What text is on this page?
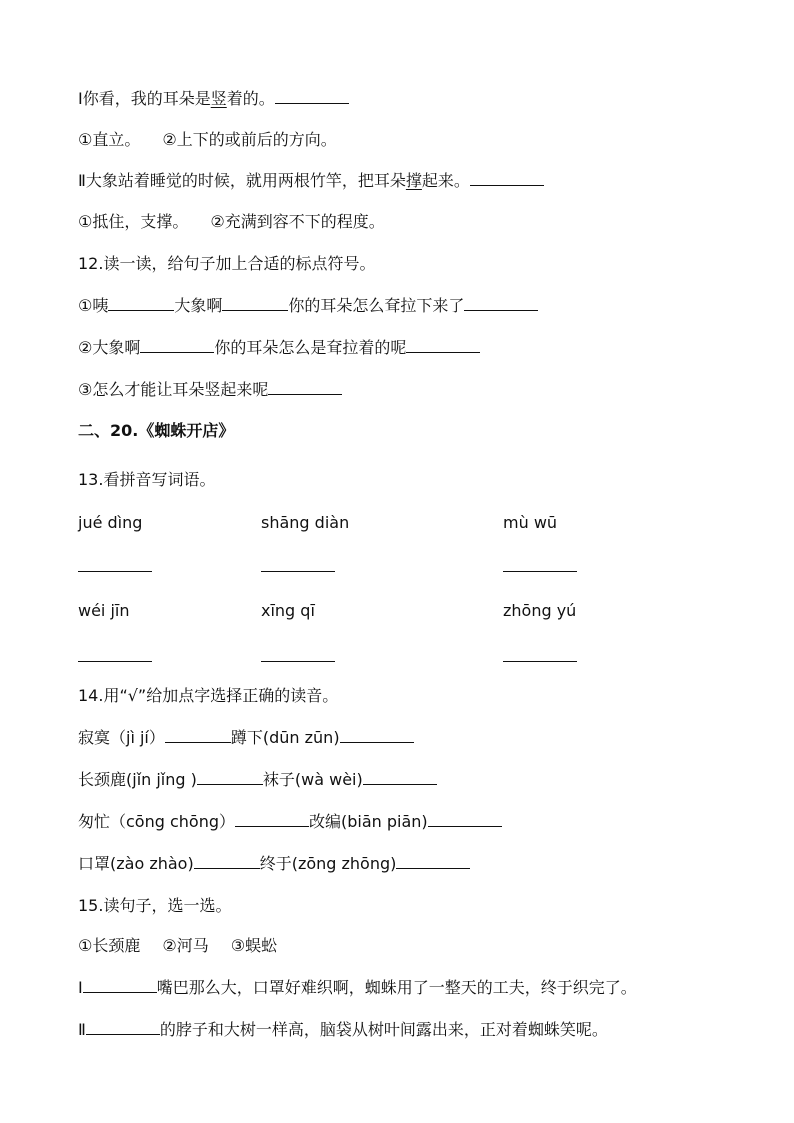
Ⅰ你看，我的耳朵是竖着的。
①直立。 ②上下的或前后的方向。
Ⅱ大象站着睡觉的时候，就用两根竹竿，把耳朵撑起来。
①抵住，支撑。 ②充满到容不下的程度。
12.读一读，给句子加上合适的标点符号。
①咦	大象啊	你的耳朵怎么耷拉下来了
②大象啊	你的耳朵怎么是耷拉着的呢
③怎么才能让耳朵竖起来呢
二、20.《蜘蛛开店》
13.看拼音写词语。
jué dìng	shāng diàn	mù wū
wéi jīn	xīng qī	zhōng yú
14.用“√”给加点字选择正确的读音。
寂寞（jì jí）	蹲下(dūn zūn)
长颈鹿(jǐn jǐng )	袜子(wà wèi)
匆忙（cōng chōng）	改编(biān piān)
口罩(zào zhào)	终于(zōng zhōng)
15.读句子，选一选。
①长颈鹿 ②河马 ③蜈蚣
Ⅰ	嘴巴那么大，口罩好难织啊，蜘蛛用了一整天的工夫，终于织完了。
Ⅱ	的脖子和大树一样高，脑袋从树叶间露出来，正对着蜘蛛笑呢。
